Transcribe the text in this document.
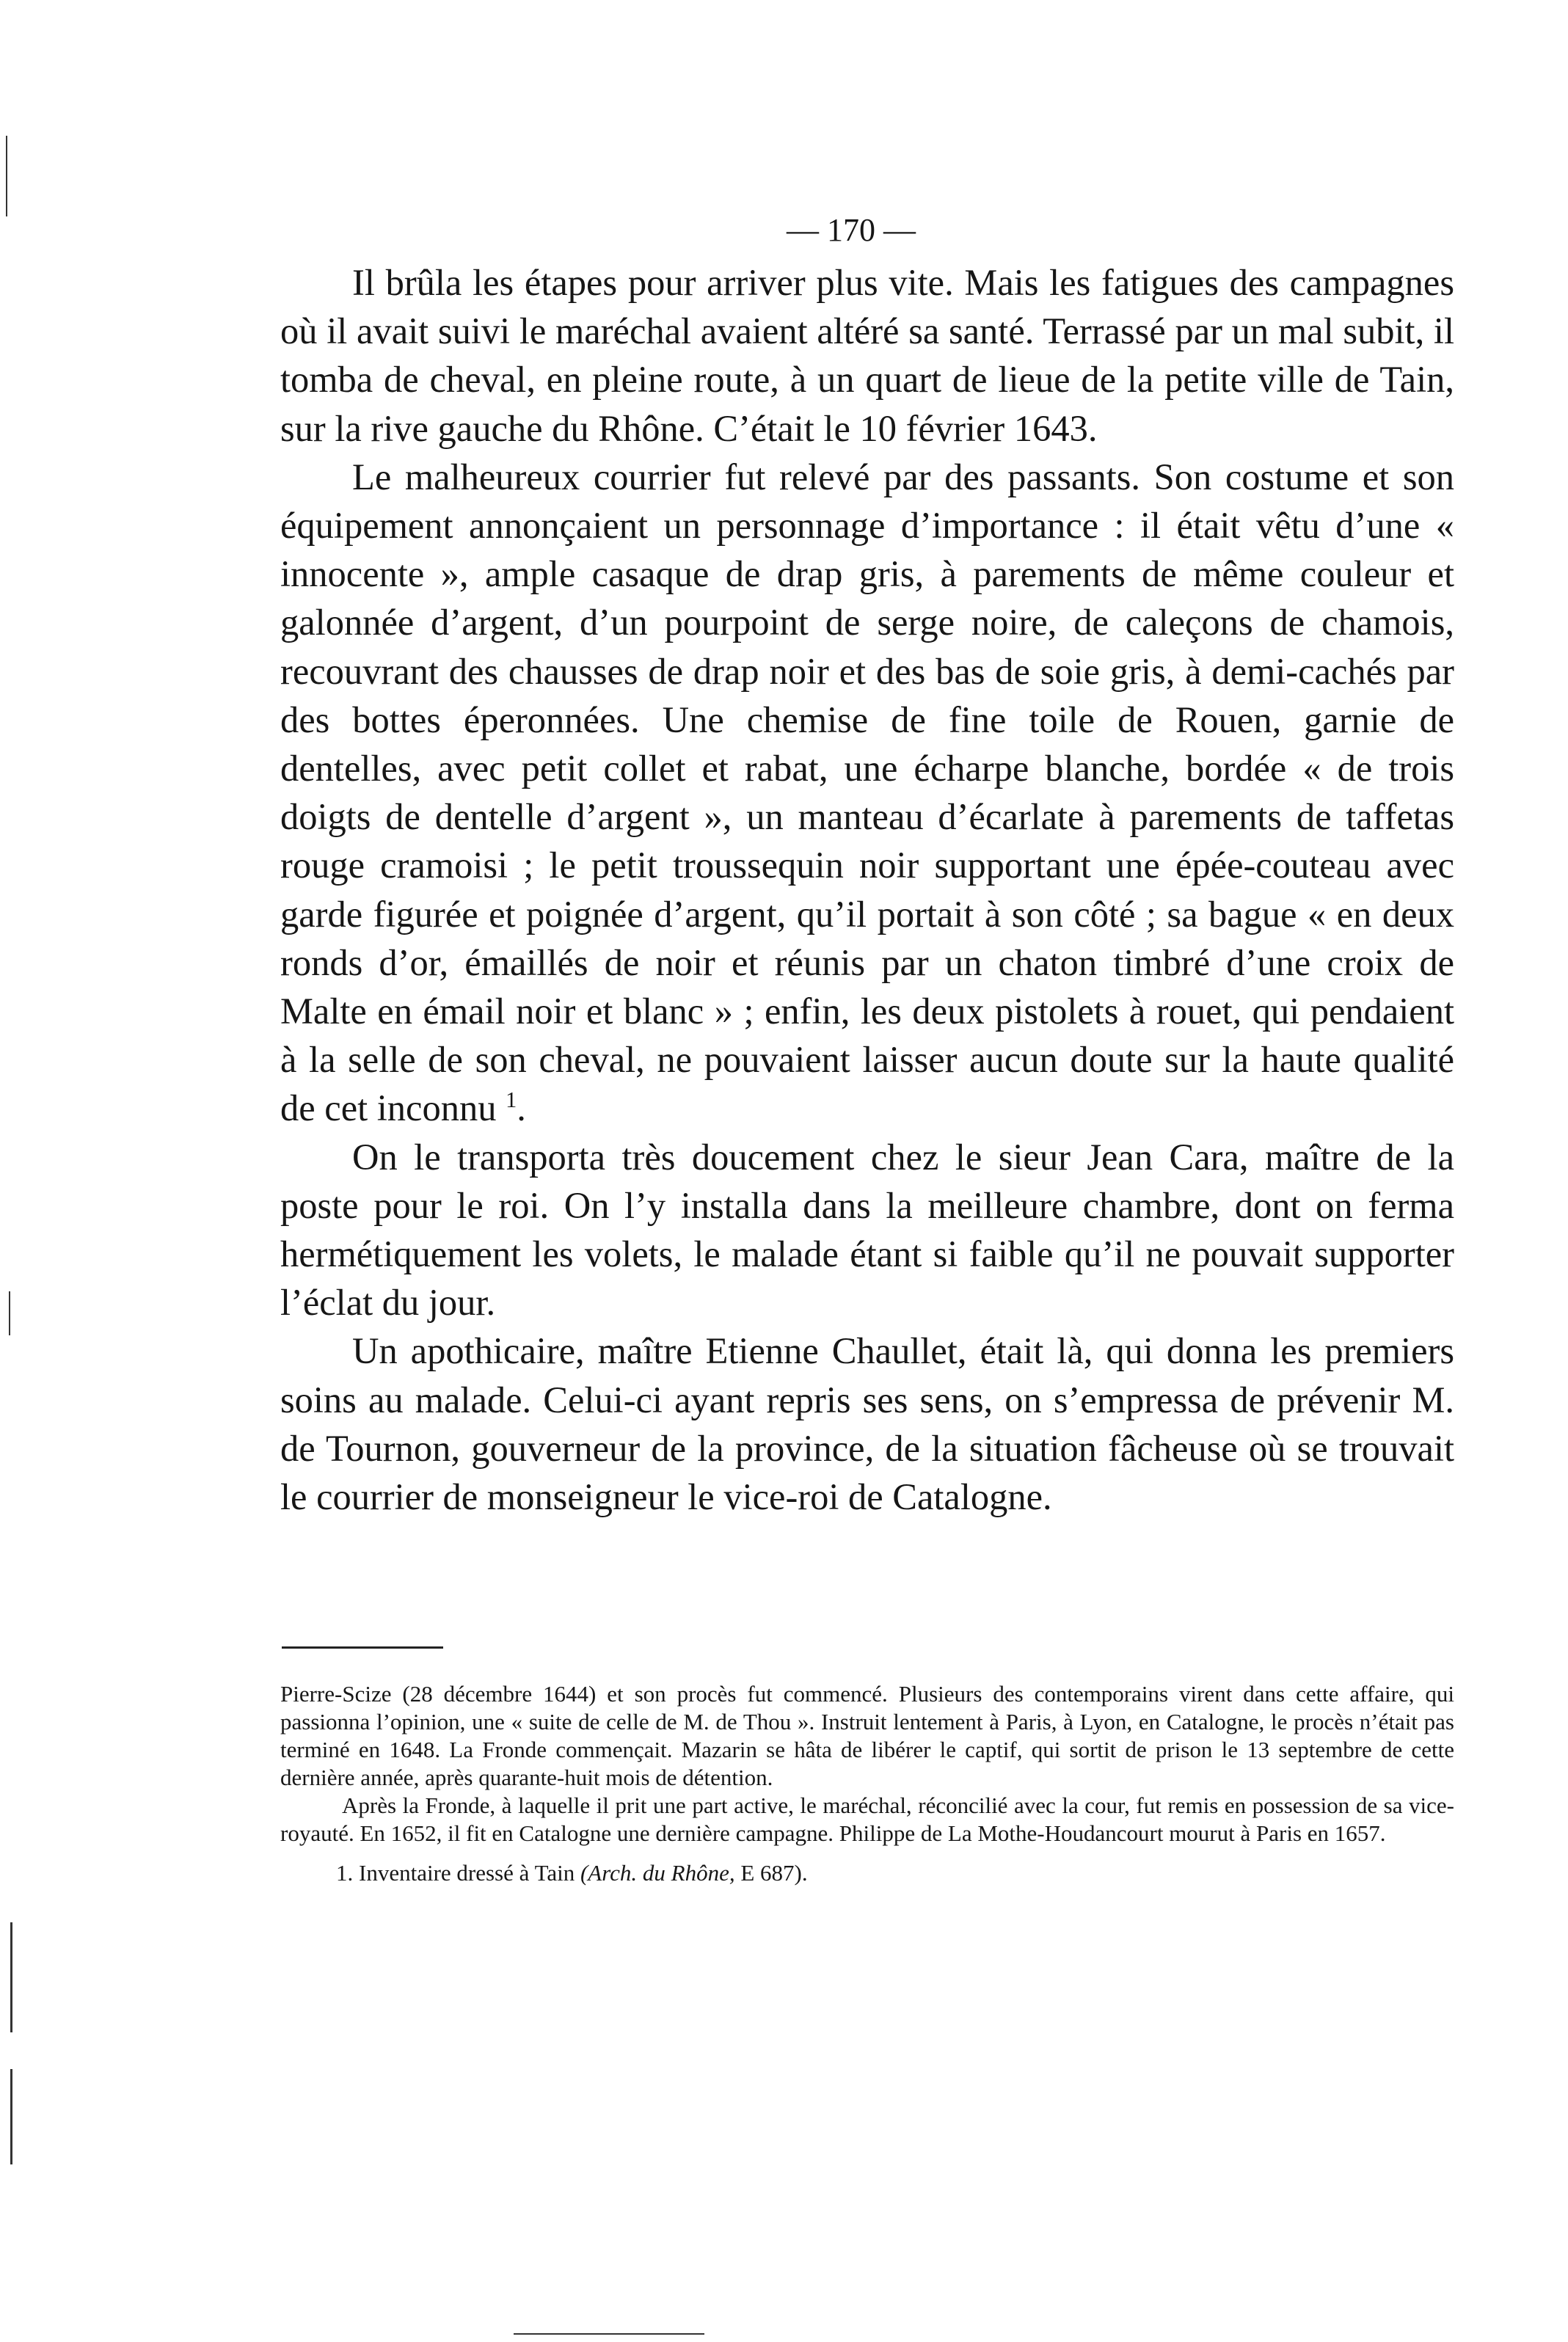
— 170 —

Il brûla les étapes pour arriver plus vite. Mais les fatigues des campagnes où il avait suivi le maréchal avaient altéré sa santé. Terrassé par un mal subit, il tomba de cheval, en pleine route, à un quart de lieue de la petite ville de Tain, sur la rive gauche du Rhône. C’était le 10 février 1643.

Le malheureux courrier fut relevé par des passants. Son costume et son équipement annonçaient un personnage d’importance : il était vêtu d’une « innocente », ample casaque de drap gris, à parements de même couleur et galonnée d’argent, d’un pourpoint de serge noire, de caleçons de chamois, recouvrant des chausses de drap noir et des bas de soie gris, à demi-cachés par des bottes éperonnées. Une chemise de fine toile de Rouen, garnie de dentelles, avec petit collet et rabat, une écharpe blanche, bordée « de trois doigts de dentelle d’argent », un manteau d’écarlate à parements de taffetas rouge cramoisi ; le petit troussequin noir supportant une épée-couteau avec garde figurée et poignée d’argent, qu’il portait à son côté ; sa bague « en deux ronds d’or, émaillés de noir et réunis par un chaton timbré d’une croix de Malte en émail noir et blanc » ; enfin, les deux pistolets à rouet, qui pendaient à la selle de son cheval, ne pouvaient laisser aucun doute sur la haute qualité de cet inconnu $^1$.

On le transporta très doucement chez le sieur Jean Cara, maître de la poste pour le roi. On l’y installa dans la meilleure chambre, dont on ferma hermétiquement les volets, le malade étant si faible qu’il ne pouvait supporter l’éclat du jour.

Un apothicaire, maître Etienne Chaullet, était là, qui donna les premiers soins au malade. Celui-ci ayant repris ses sens, on s’empressa de prévenir M. de Tournon, gouverneur de la province, de la situation fâcheuse où se trouvait le courrier de monseigneur le vice-roi de Catalogne.

Pierre-Scize (28 décembre 1644) et son procès fut commencé. Plusieurs des contemporains virent dans cette affaire, qui passionna l’opinion, une « suite de celle de M. de Thou ». Instruit lentement à Paris, à Lyon, en Catalogne, le procès n’était pas terminé en 1648. La Fronde commençait. Mazarin se hâta de libérer le captif, qui sortit de prison le 13 septembre de cette dernière année, après quarante-huit mois de détention.

Après la Fronde, à laquelle il prit une part active, le maréchal, réconcilié avec la cour, fut remis en possession de sa vice-royauté. En 1652, il fit en Catalogne une dernière campagne. Philippe de La Mothe-Houdancourt mourut à Paris en 1657.

1. Inventaire dressé à Tain (Arch. du Rhône, E 687).
